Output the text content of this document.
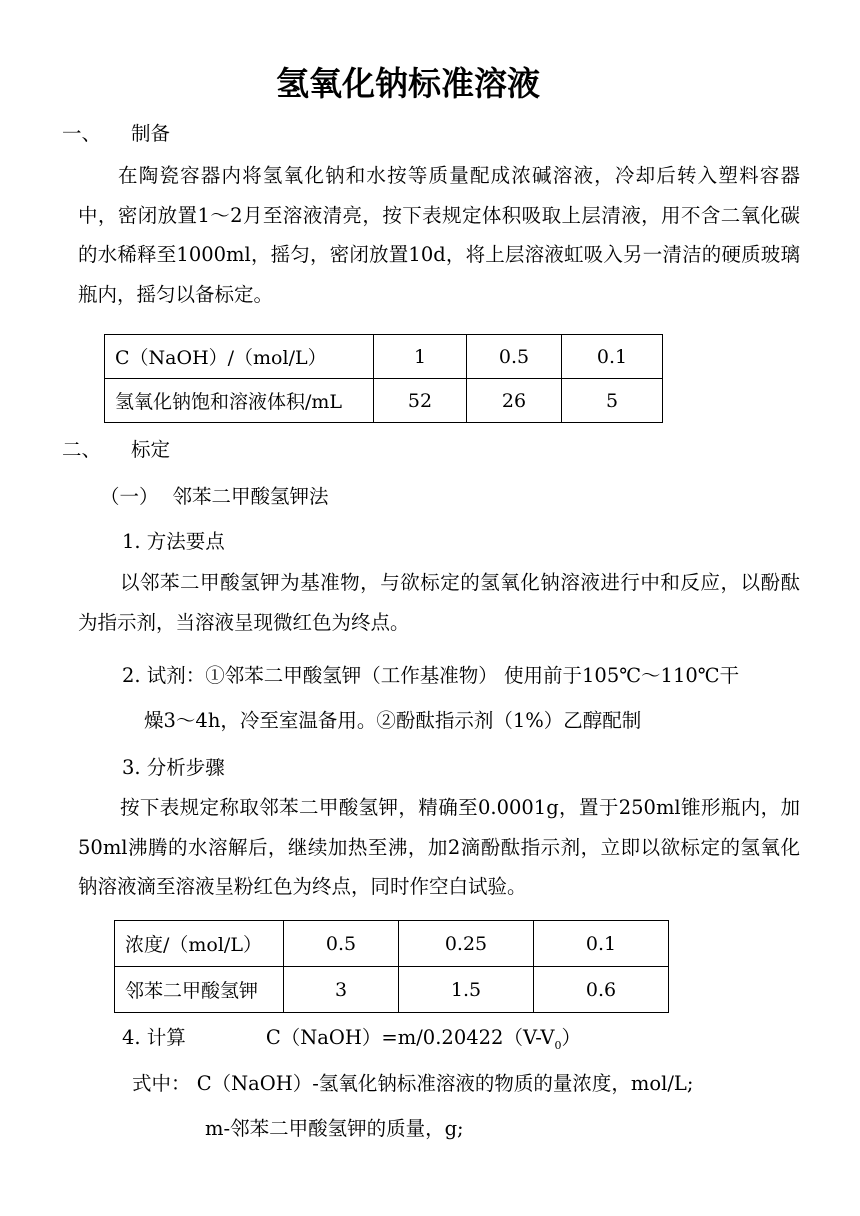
氢氧化钠标准溶液
一、 制备
在陶瓷容器内将氢氧化钠和水按等质量配成浓碱溶液，冷却后转入塑料容器中，密闭放置1～2月至溶液清亮，按下表规定体积吸取上层清液，用不含二氧化碳的水稀释至1000ml，摇匀，密闭放置10d，将上层溶液虹吸入另一清洁的硬质玻璃瓶内，摇匀以备标定。
C（NaOH）/（mol/L）	1	0.5	0.1
氢氧化钠饱和溶液体积/mL	52	26	5
二、 标定
（一） 邻苯二甲酸氢钾法
1. 方法要点
以邻苯二甲酸氢钾为基准物，与欲标定的氢氧化钠溶液进行中和反应，以酚酞为指示剂，当溶液呈现微红色为终点。
2. 试剂：①邻苯二甲酸氢钾（工作基准物） 使用前于105℃～110℃干
燥3～4h，冷至室温备用。②酚酞指示剂（1%）乙醇配制
3. 分析步骤
按下表规定称取邻苯二甲酸氢钾，精确至0.0001g，置于250ml锥形瓶内，加50ml沸腾的水溶解后，继续加热至沸，加2滴酚酞指示剂，立即以欲标定的氢氧化钠溶液滴至溶液呈粉红色为终点，同时作空白试验。
浓度/（mol/L）	0.5	0.25	0.1
邻苯二甲酸氢钾	3	1.5	0.6
4. 计算	$C(NaOH)=m/0.20422(V-V_0)$
式中： C（NaOH）-氢氧化钠标准溶液的物质的量浓度，mol/L;
m-邻苯二甲酸氢钾的质量，g;
